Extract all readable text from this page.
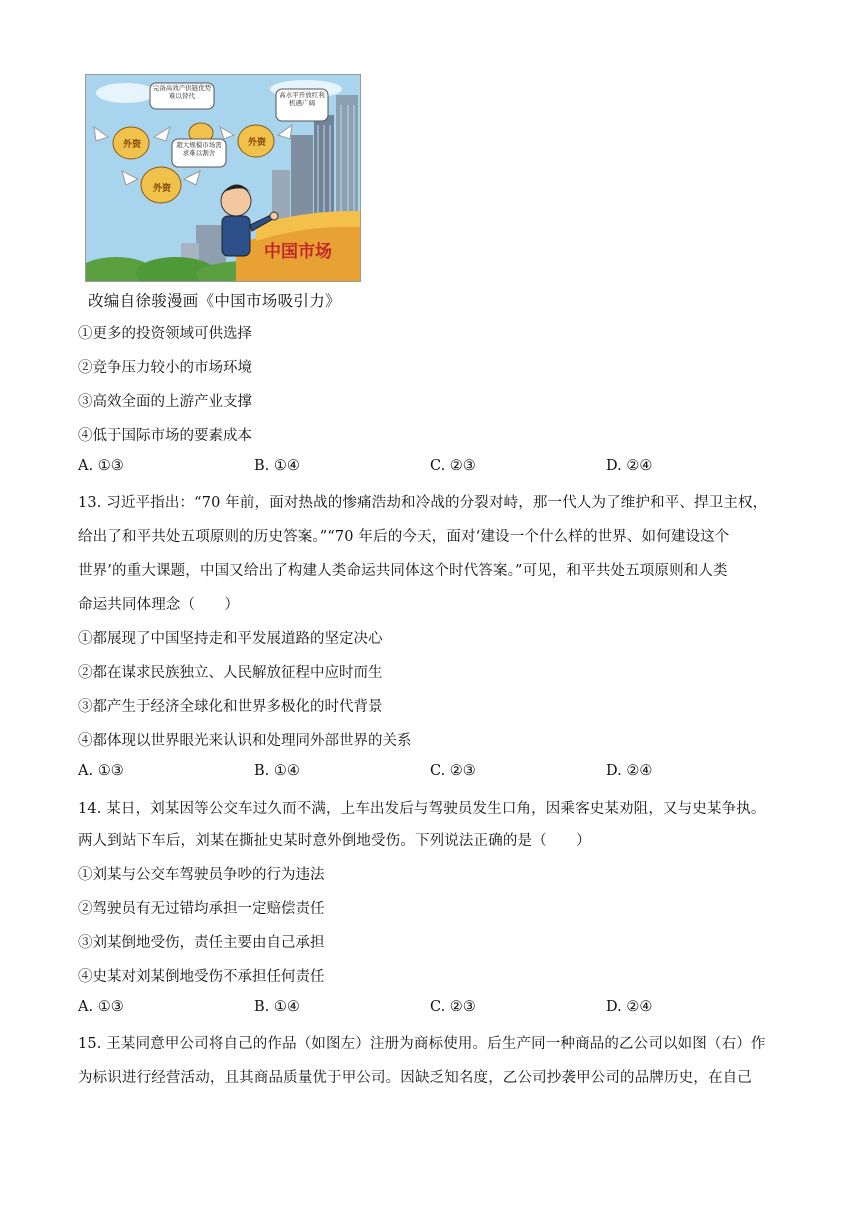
中国市场
外资	外资
外资
完备高效产供链优势难以替代	高水平开放红利机遇广阔
超大规模市场需求难以割舍
改编自徐骏漫画《中国市场吸引力》
①更多的投资领域可供选择
②竞争压力较小的市场环境
③高效全面的上游产业支撑
④低于国际市场的要素成本
A. ①③	B. ①④	C. ②③	D. ②④
13. 习近平指出：“70 年前，面对热战的惨痛浩劫和冷战的分裂对峙，那一代人为了维护和平、捍卫主权，
给出了和平共处五项原则的历史答案。”“70 年后的今天，面对‘建设一个什么样的世界、如何建设这个
世界’的重大课题，中国又给出了构建人类命运共同体这个时代答案。”可见，和平共处五项原则和人类
命运共同体理念（　　）
①都展现了中国坚持走和平发展道路的坚定决心
②都在谋求民族独立、人民解放征程中应时而生
③都产生于经济全球化和世界多极化的时代背景
④都体现以世界眼光来认识和处理同外部世界的关系
A. ①③	B. ①④	C. ②③	D. ②④
14. 某日，刘某因等公交车过久而不满，上车出发后与驾驶员发生口角，因乘客史某劝阻，又与史某争执。
两人到站下车后，刘某在撕扯史某时意外倒地受伤。下列说法正确的是（　　）
①刘某与公交车驾驶员争吵的行为违法
②驾驶员有无过错均承担一定赔偿责任
③刘某倒地受伤，责任主要由自己承担
④史某对刘某倒地受伤不承担任何责任
A. ①③	B. ①④	C. ②③	D. ②④
15. 王某同意甲公司将自己的作品（如图左）注册为商标使用。后生产同一种商品的乙公司以如图（右）作
为标识进行经营活动，且其商品质量优于甲公司。因缺乏知名度，乙公司抄袭甲公司的品牌历史，在自己
